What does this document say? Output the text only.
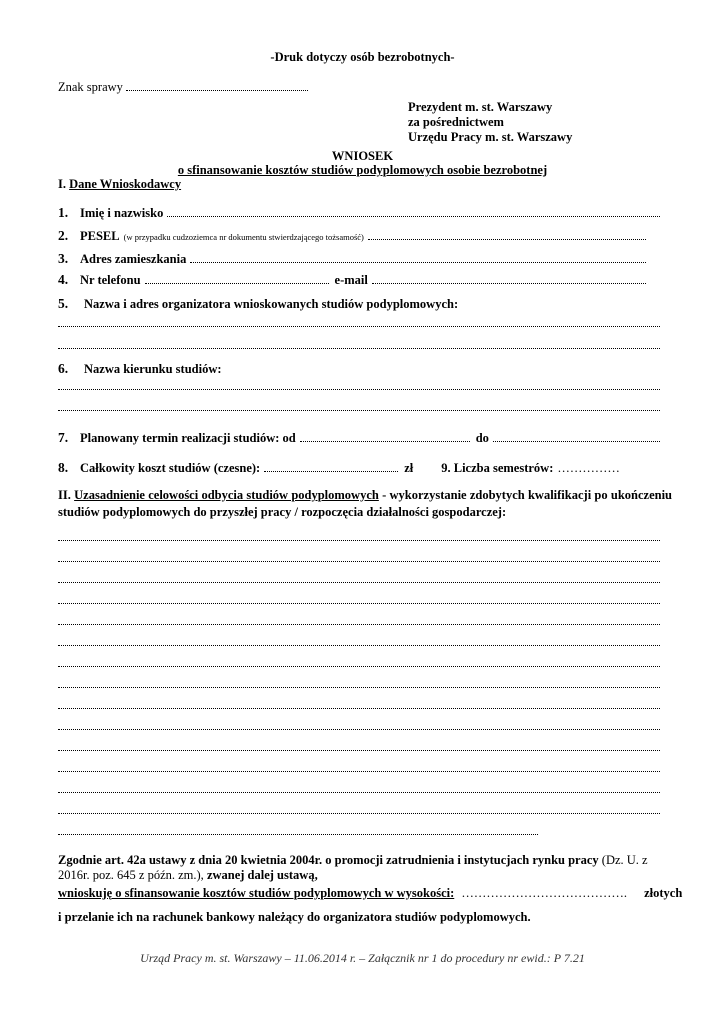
-Druk dotyczy osób bezrobotnych-
Znak sprawy
Prezydent m. st. Warszawy
za pośrednictwem
Urzędu Pracy m. st. Warszawy
WNIOSEK
o sfinansowanie kosztów studiów podyplomowych osobie bezrobotnej
I. Dane Wnioskodawcy
1. Imię i nazwisko
2. PESEL (w przypadku cudzoziemca nr dokumentu stwierdzającego tożsamość)
3. Adres zamieszkania
4. Nr telefonu	e-mail
5. Nazwa i adres organizatora wnioskowanych studiów podyplomowych:
6. Nazwa kierunku studiów:
7. Planowany termin realizacji studiów: od	do
8. Całkowity koszt studiów (czesne):	zł 9. Liczba semestrów: ……………
II. Uzasadnienie celowości odbycia studiów podyplomowych - wykorzystanie zdobytych kwalifikacji po ukończeniu
studiów podyplomowych do przyszłej pracy / rozpoczęcia działalności gospodarczej:
Zgodnie art. 42a ustawy z dnia 20 kwietnia 2004r. o promocji zatrudnienia i instytucjach rynku pracy (Dz. U. z 2016r. poz. 645 z późn. zm.), zwanej dalej ustawą,
wnioskuję o sfinansowanie kosztów studiów podyplomowych w wysokości: …………………………………. złotych
i przelanie ich na rachunek bankowy należący do organizatora studiów podyplomowych.
Urząd Pracy m. st. Warszawy – 11.06.2014 r. – Załącznik nr 1 do procedury nr ewid.: P 7.21
